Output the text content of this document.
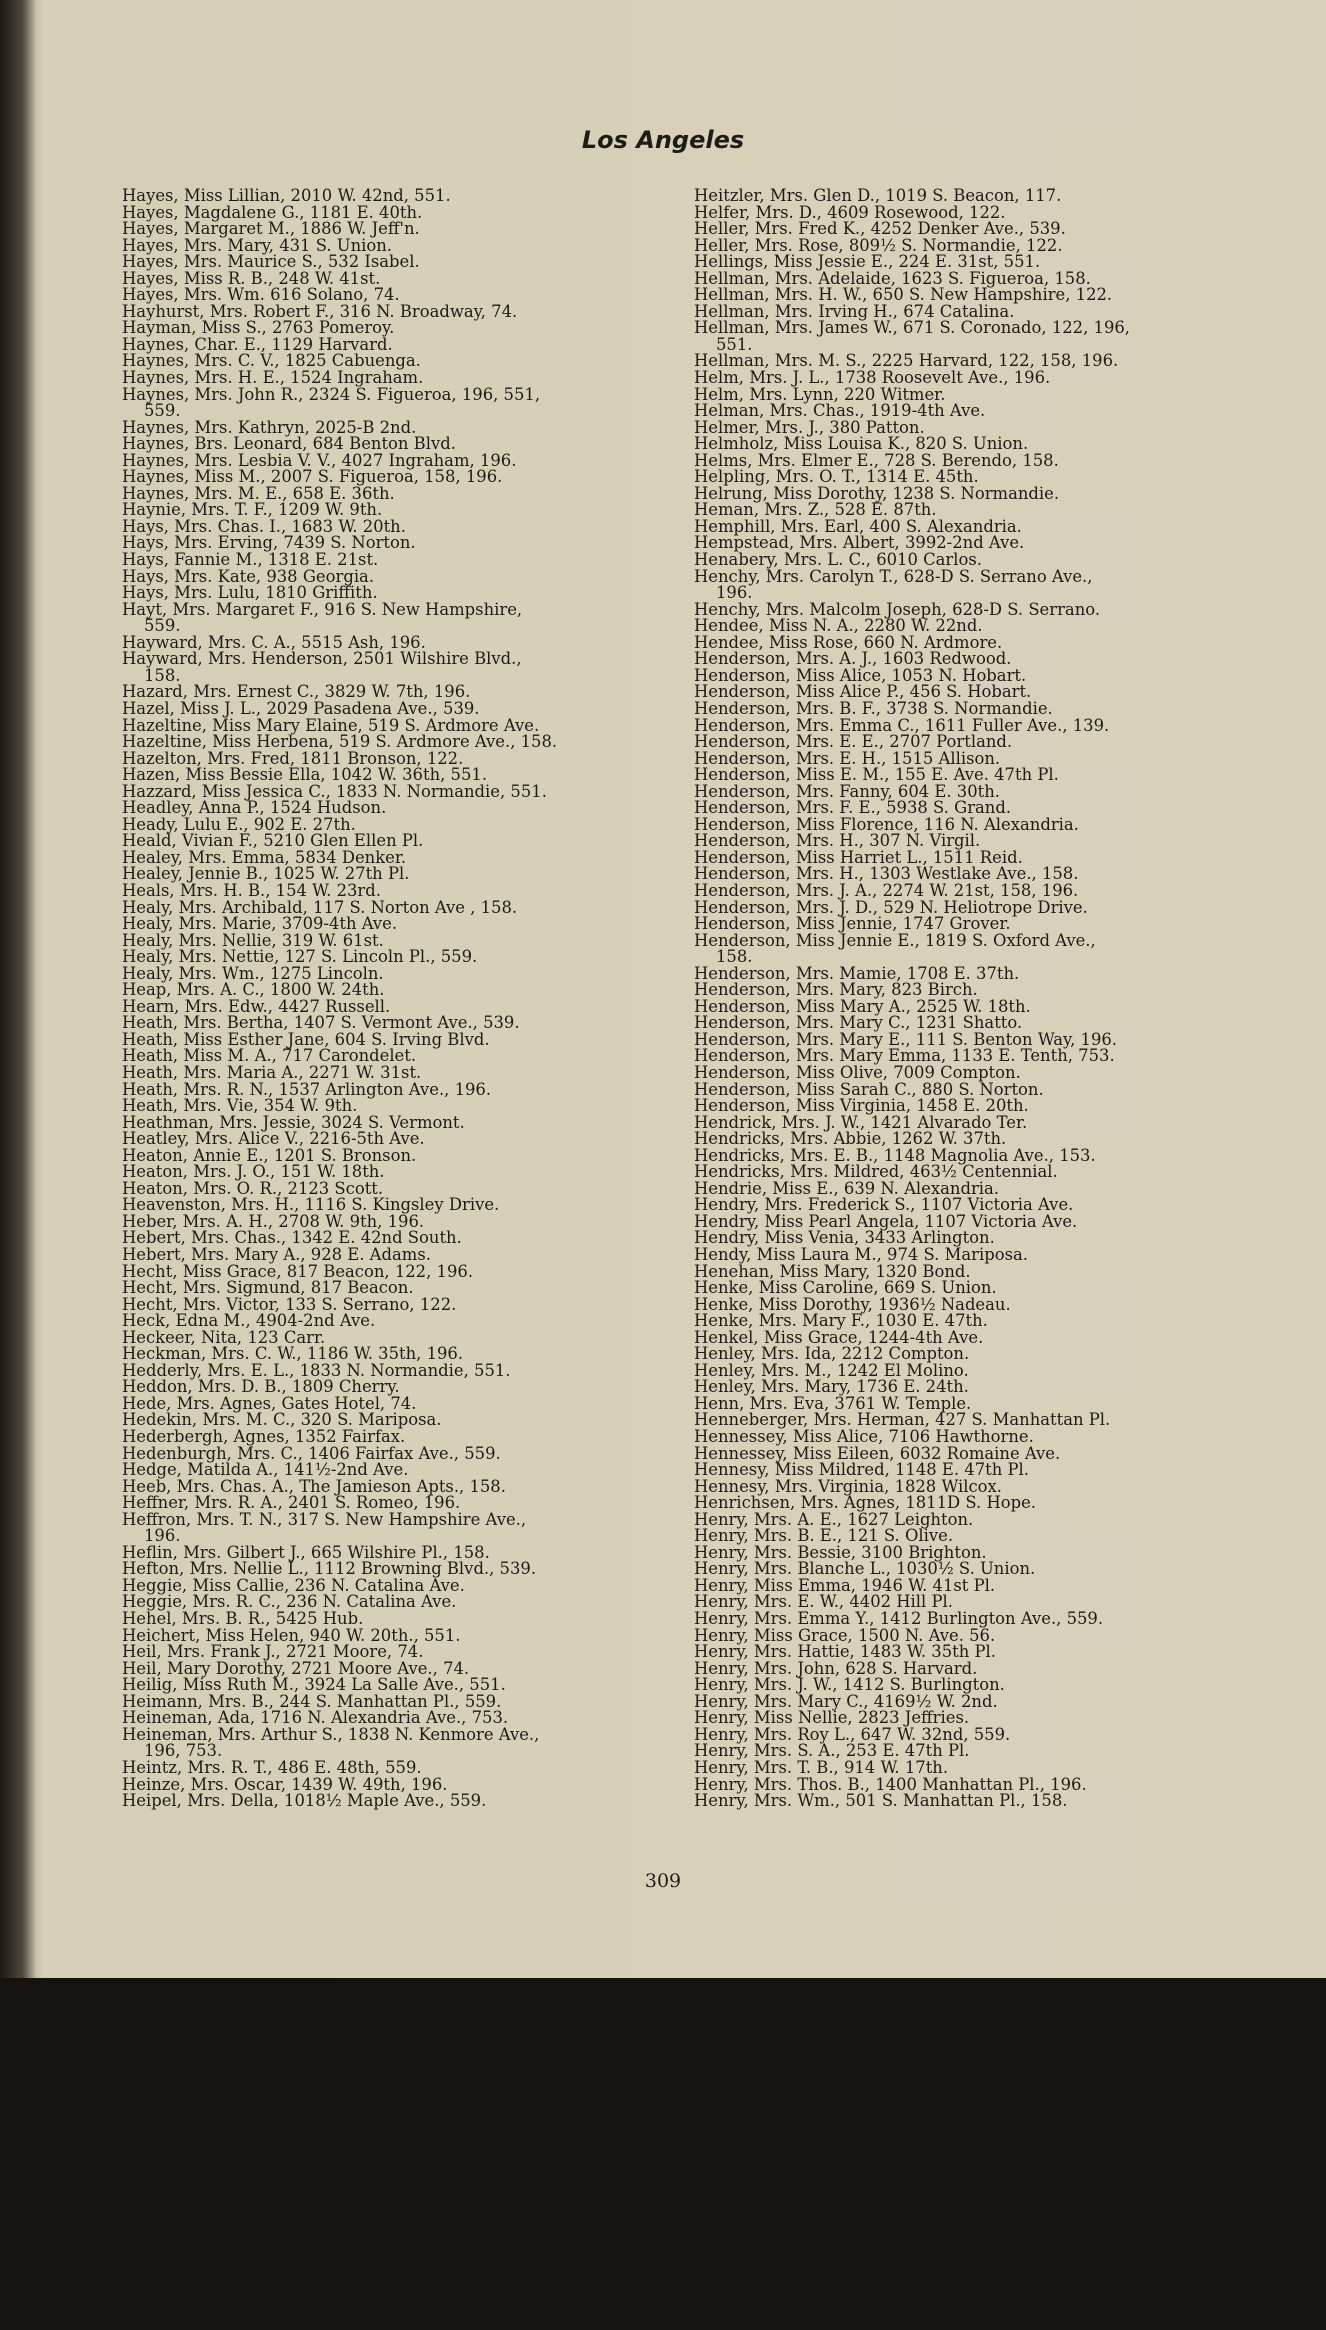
Los Angeles
Hayes, Miss Lillian, 2010 W. 42nd, 551.
Hayes, Magdalene G., 1181 E. 40th.
Hayes, Margaret M., 1886 W. Jeff'n.
Hayes, Mrs. Mary, 431 S. Union.
Hayes, Mrs. Maurice S., 532 Isabel.
Hayes, Miss R. B., 248 W. 41st.
Hayes, Mrs. Wm. 616 Solano, 74.
Hayhurst, Mrs. Robert F., 316 N. Broadway, 74.
Hayman, Miss S., 2763 Pomeroy.
Haynes, Char. E., 1129 Harvard.
Haynes, Mrs. C. V., 1825 Cabuenga.
Haynes, Mrs. H. E., 1524 Ingraham.
Haynes, Mrs. John R., 2324 S. Figueroa, 196, 551,
559.
Haynes, Mrs. Kathryn, 2025-B 2nd.
Haynes, Brs. Leonard, 684 Benton Blvd.
Haynes, Mrs. Lesbia V. V., 4027 Ingraham, 196.
Haynes, Miss M., 2007 S. Figueroa, 158, 196.
Haynes, Mrs. M. E., 658 E. 36th.
Haynie, Mrs. T. F., 1209 W. 9th.
Hays, Mrs. Chas. I., 1683 W. 20th.
Hays, Mrs. Erving, 7439 S. Norton.
Hays, Fannie M., 1318 E. 21st.
Hays, Mrs. Kate, 938 Georgia.
Hays, Mrs. Lulu, 1810 Griffith.
Hayt, Mrs. Margaret F., 916 S. New Hampshire,
559.
Hayward, Mrs. C. A., 5515 Ash, 196.
Hayward, Mrs. Henderson, 2501 Wilshire Blvd.,
158.
Hazard, Mrs. Ernest C., 3829 W. 7th, 196.
Hazel, Miss J. L., 2029 Pasadena Ave., 539.
Hazeltine, Miss Mary Elaine, 519 S. Ardmore Ave.
Hazeltine, Miss Herbena, 519 S. Ardmore Ave., 158.
Hazelton, Mrs. Fred, 1811 Bronson, 122.
Hazen, Miss Bessie Ella, 1042 W. 36th, 551.
Hazzard, Miss Jessica C., 1833 N. Normandie, 551.
Headley, Anna P., 1524 Hudson.
Heady, Lulu E., 902 E. 27th.
Heald, Vivian F., 5210 Glen Ellen Pl.
Healey, Mrs. Emma, 5834 Denker.
Healey, Jennie B., 1025 W. 27th Pl.
Heals, Mrs. H. B., 154 W. 23rd.
Healy, Mrs. Archibald, 117 S. Norton Ave , 158.
Healy, Mrs. Marie, 3709-4th Ave.
Healy, Mrs. Nellie, 319 W. 61st.
Healy, Mrs. Nettie, 127 S. Lincoln Pl., 559.
Healy, Mrs. Wm., 1275 Lincoln.
Heap, Mrs. A. C., 1800 W. 24th.
Hearn, Mrs. Edw., 4427 Russell.
Heath, Mrs. Bertha, 1407 S. Vermont Ave., 539.
Heath, Miss Esther Jane, 604 S. Irving Blvd.
Heath, Miss M. A., 717 Carondelet.
Heath, Mrs. Maria A., 2271 W. 31st.
Heath, Mrs. R. N., 1537 Arlington Ave., 196.
Heath, Mrs. Vie, 354 W. 9th.
Heathman, Mrs. Jessie, 3024 S. Vermont.
Heatley, Mrs. Alice V., 2216-5th Ave.
Heaton, Annie E., 1201 S. Bronson.
Heaton, Mrs. J. O., 151 W. 18th.
Heaton, Mrs. O. R., 2123 Scott.
Heavenston, Mrs. H., 1116 S. Kingsley Drive.
Heber, Mrs. A. H., 2708 W. 9th, 196.
Hebert, Mrs. Chas., 1342 E. 42nd South.
Hebert, Mrs. Mary A., 928 E. Adams.
Hecht, Miss Grace, 817 Beacon, 122, 196.
Hecht, Mrs. Sigmund, 817 Beacon.
Hecht, Mrs. Victor, 133 S. Serrano, 122.
Heck, Edna M., 4904-2nd Ave.
Heckeer, Nita, 123 Carr.
Heckman, Mrs. C. W., 1186 W. 35th, 196.
Hedderly, Mrs. E. L., 1833 N. Normandie, 551.
Heddon, Mrs. D. B., 1809 Cherry.
Hede, Mrs. Agnes, Gates Hotel, 74.
Hedekin, Mrs. M. C., 320 S. Mariposa.
Hederbergh, Agnes, 1352 Fairfax.
Hedenburgh, Mrs. C., 1406 Fairfax Ave., 559.
Hedge, Matilda A., 141½-2nd Ave.
Heeb, Mrs. Chas. A., The Jamieson Apts., 158.
Heffner, Mrs. R. A., 2401 S. Romeo, 196.
Heffron, Mrs. T. N., 317 S. New Hampshire Ave.,
196.
Heflin, Mrs. Gilbert J., 665 Wilshire Pl., 158.
Hefton, Mrs. Nellie L., 1112 Browning Blvd., 539.
Heggie, Miss Callie, 236 N. Catalina Ave.
Heggie, Mrs. R. C., 236 N. Catalina Ave.
Hehel, Mrs. B. R., 5425 Hub.
Heichert, Miss Helen, 940 W. 20th., 551.
Heil, Mrs. Frank J., 2721 Moore, 74.
Heil, Mary Dorothy, 2721 Moore Ave., 74.
Heilig, Miss Ruth M., 3924 La Salle Ave., 551.
Heimann, Mrs. B., 244 S. Manhattan Pl., 559.
Heineman, Ada, 1716 N. Alexandria Ave., 753.
Heineman, Mrs. Arthur S., 1838 N. Kenmore Ave.,
196, 753.
Heintz, Mrs. R. T., 486 E. 48th, 559.
Heinze, Mrs. Oscar, 1439 W. 49th, 196.
Heipel, Mrs. Della, 1018½ Maple Ave., 559.
Heitzler, Mrs. Glen D., 1019 S. Beacon, 117.
Helfer, Mrs. D., 4609 Rosewood, 122.
Heller, Mrs. Fred K., 4252 Denker Ave., 539.
Heller, Mrs. Rose, 809½ S. Normandie, 122.
Hellings, Miss Jessie E., 224 E. 31st, 551.
Hellman, Mrs. Adelaide, 1623 S. Figueroa, 158.
Hellman, Mrs. H. W., 650 S. New Hampshire, 122.
Hellman, Mrs. Irving H., 674 Catalina.
Hellman, Mrs. James W., 671 S. Coronado, 122, 196,
551.
Hellman, Mrs. M. S., 2225 Harvard, 122, 158, 196.
Helm, Mrs. J. L., 1738 Roosevelt Ave., 196.
Helm, Mrs. Lynn, 220 Witmer.
Helman, Mrs. Chas., 1919-4th Ave.
Helmer, Mrs. J., 380 Patton.
Helmholz, Miss Louisa K., 820 S. Union.
Helms, Mrs. Elmer E., 728 S. Berendo, 158.
Helpling, Mrs. O. T., 1314 E. 45th.
Helrung, Miss Dorothy, 1238 S. Normandie.
Heman, Mrs. Z., 528 E. 87th.
Hemphill, Mrs. Earl, 400 S. Alexandria.
Hempstead, Mrs. Albert, 3992-2nd Ave.
Henabery, Mrs. L. C., 6010 Carlos.
Henchy, Mrs. Carolyn T., 628-D S. Serrano Ave.,
196.
Henchy, Mrs. Malcolm Joseph, 628-D S. Serrano.
Hendee, Miss N. A., 2280 W. 22nd.
Hendee, Miss Rose, 660 N. Ardmore.
Henderson, Mrs. A. J., 1603 Redwood.
Henderson, Miss Alice, 1053 N. Hobart.
Henderson, Miss Alice P., 456 S. Hobart.
Henderson, Mrs. B. F., 3738 S. Normandie.
Henderson, Mrs. Emma C., 1611 Fuller Ave., 139.
Henderson, Mrs. E. E., 2707 Portland.
Henderson, Mrs. E. H., 1515 Allison.
Henderson, Miss E. M., 155 E. Ave. 47th Pl.
Henderson, Mrs. Fanny, 604 E. 30th.
Henderson, Mrs. F. E., 5938 S. Grand.
Henderson, Miss Florence, 116 N. Alexandria.
Henderson, Mrs. H., 307 N. Virgil.
Henderson, Miss Harriet L., 1511 Reid.
Henderson, Mrs. H., 1303 Westlake Ave., 158.
Henderson, Mrs. J. A., 2274 W. 21st, 158, 196.
Henderson, Mrs. J. D., 529 N. Heliotrope Drive.
Henderson, Miss Jennie, 1747 Grover.
Henderson, Miss Jennie E., 1819 S. Oxford Ave.,
158.
Henderson, Mrs. Mamie, 1708 E. 37th.
Henderson, Mrs. Mary, 823 Birch.
Henderson, Miss Mary A., 2525 W. 18th.
Henderson, Mrs. Mary C., 1231 Shatto.
Henderson, Mrs. Mary E., 111 S. Benton Way, 196.
Henderson, Mrs. Mary Emma, 1133 E. Tenth, 753.
Henderson, Miss Olive, 7009 Compton.
Henderson, Miss Sarah C., 880 S. Norton.
Henderson, Miss Virginia, 1458 E. 20th.
Hendrick, Mrs. J. W., 1421 Alvarado Ter.
Hendricks, Mrs. Abbie, 1262 W. 37th.
Hendricks, Mrs. E. B., 1148 Magnolia Ave., 153.
Hendricks, Mrs. Mildred, 463½ Centennial.
Hendrie, Miss E., 639 N. Alexandria.
Hendry, Mrs. Frederick S., 1107 Victoria Ave.
Hendry, Miss Pearl Angela, 1107 Victoria Ave.
Hendry, Miss Venia, 3433 Arlington.
Hendy, Miss Laura M., 974 S. Mariposa.
Henehan, Miss Mary, 1320 Bond.
Henke, Miss Caroline, 669 S. Union.
Henke, Miss Dorothy, 1936½ Nadeau.
Henke, Mrs. Mary F., 1030 E. 47th.
Henkel, Miss Grace, 1244-4th Ave.
Henley, Mrs. Ida, 2212 Compton.
Henley, Mrs. M., 1242 El Molino.
Henley, Mrs. Mary, 1736 E. 24th.
Henn, Mrs. Eva, 3761 W. Temple.
Henneberger, Mrs. Herman, 427 S. Manhattan Pl.
Hennessey, Miss Alice, 7106 Hawthorne.
Hennessey, Miss Eileen, 6032 Romaine Ave.
Hennesy, Miss Mildred, 1148 E. 47th Pl.
Hennesy, Mrs. Virginia, 1828 Wilcox.
Henrichsen, Mrs. Agnes, 1811D S. Hope.
Henry, Mrs. A. E., 1627 Leighton.
Henry, Mrs. B. E., 121 S. Olive.
Henry, Mrs. Bessie, 3100 Brighton.
Henry, Mrs. Blanche L., 1030½ S. Union.
Henry, Miss Emma, 1946 W. 41st Pl.
Henry, Mrs. E. W., 4402 Hill Pl.
Henry, Mrs. Emma Y., 1412 Burlington Ave., 559.
Henry, Miss Grace, 1500 N. Ave. 56.
Henry, Mrs. Hattie, 1483 W. 35th Pl.
Henry, Mrs. John, 628 S. Harvard.
Henry, Mrs. J. W., 1412 S. Burlington.
Henry, Mrs. Mary C., 4169½ W. 2nd.
Henry, Miss Nellie, 2823 Jeffries.
Henry, Mrs. Roy L., 647 W. 32nd, 559.
Henry, Mrs. S. A., 253 E. 47th Pl.
Henry, Mrs. T. B., 914 W. 17th.
Henry, Mrs. Thos. B., 1400 Manhattan Pl., 196.
Henry, Mrs. Wm., 501 S. Manhattan Pl., 158.
309
